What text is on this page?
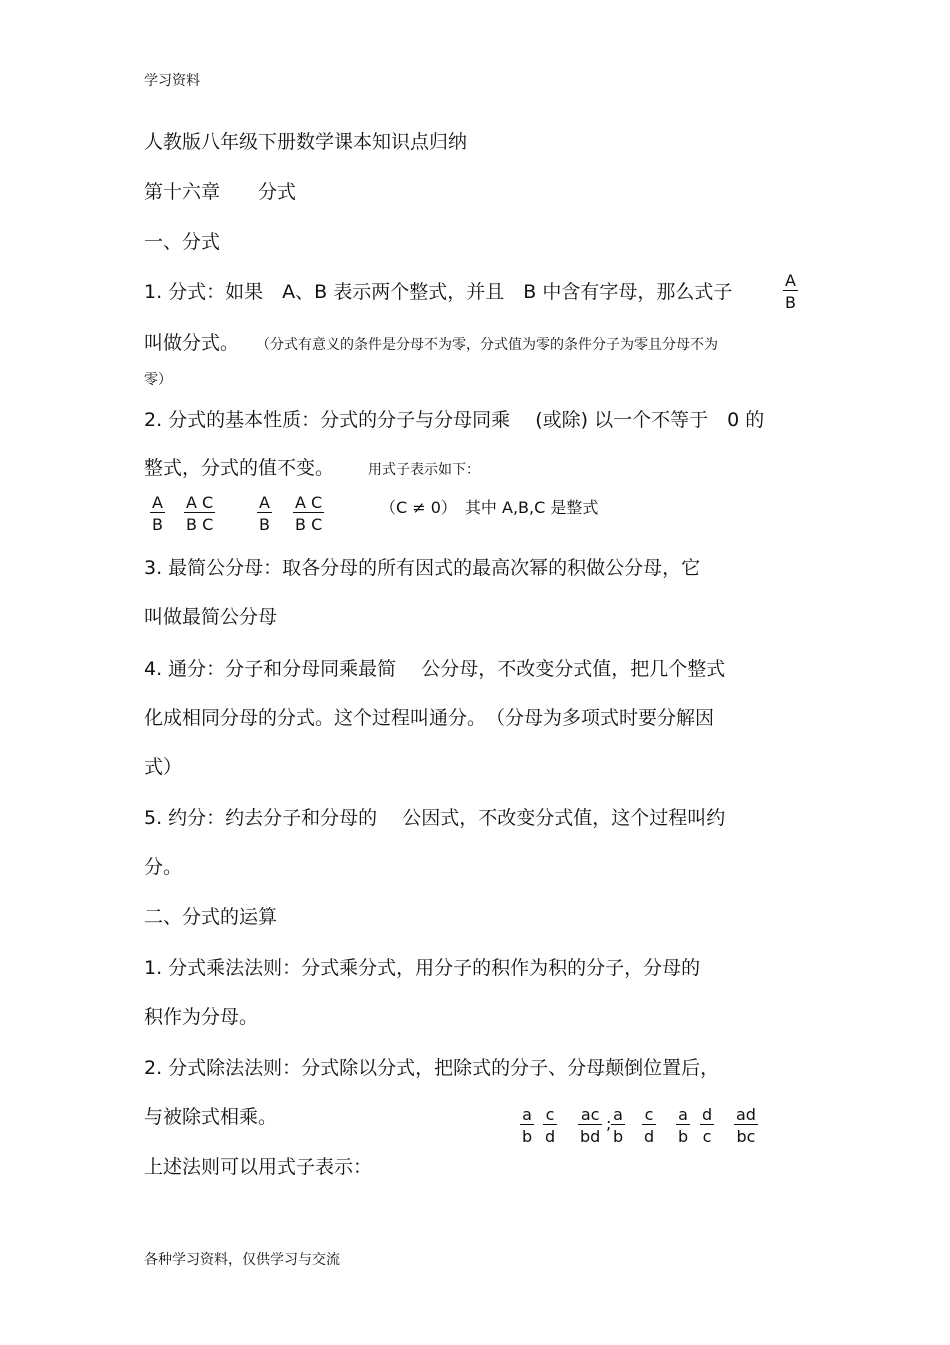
学习资料
人教版八年级下册数学课本知识点归纳
第十六章　　分式
一、分式
1. 分式：如果　A、B 表示两个整式，并且　B 中含有字母，那么式子	$\frac{A}{B}$
叫做分式。 （分式有意义的条件是分母不为零，分式值为零的条件分子为零且分母不为
零）
2. 分式的基本性质：分式的分子与分母同乘　 (或除) 以一个不等于　0 的
整式，分式的值不变。 用式子表示如下：
$\frac{A}{B} \frac{\text{A C}}{\text{B C}}$	$\frac{A}{B} \frac{\text{A C}}{\text{B C}}$	（C ≠ 0）　其中 A,B,C 是整式
3. 最简公分母：取各分母的所有因式的最高次幂的积做公分母，它
叫做最简公分母
4. 通分：分子和分母同乘最简　 公分母，不改变分式值，把几个整式
化成相同分母的分式。这个过程叫通分。　（分母为多项式时要分解因
式）
5. 约分：约去分子和分母的　 公因式，不改变分式值，这个过程叫约
分。
二、分式的运算
1. 分式乘法法则：分式乘分式，用分子的积作为积的分子，分母的
积作为分母。
2. 分式除法法则：分式除以分式，把除式的分子、分母颠倒位置后，
与被除式相乘。
上述法则可以用式子表示：
$\frac{a}{b} \frac{c}{d} \frac{ac}{bd}$ ; $\frac{a}{b} \frac{c}{d} \frac{a}{b} \frac{d}{c} \frac{ad}{bc}$
各种学习资料，仅供学习与交流
